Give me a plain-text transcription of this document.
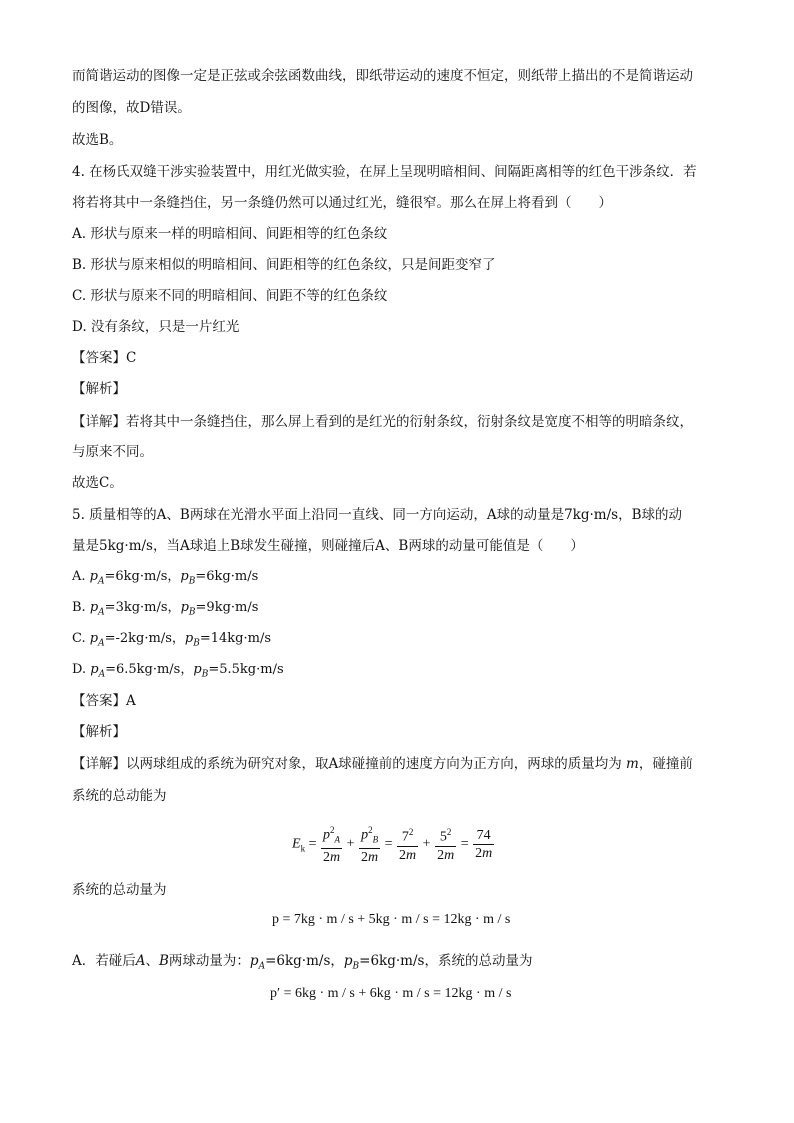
而简谐运动的图像一定是正弦或余弦函数曲线，即纸带运动的速度不恒定，则纸带上描出的不是简谐运动
的图像，故D错误。
故选B。
4. 在杨氏双缝干涉实验装置中，用红光做实验，在屏上呈现明暗相间、间隔距离相等的红色干涉条纹．若
将若将其中一条缝挡住，另一条缝仍然可以通过红光，缝很窄。那么在屏上将看到（　　）
A. 形状与原来一样的明暗相间、间距相等的红色条纹
B. 形状与原来相似的明暗相间、间距相等的红色条纹，只是间距变窄了
C. 形状与原来不同的明暗相间、间距不等的红色条纹
D. 没有条纹，只是一片红光
【答案】C
【解析】
【详解】若将其中一条缝挡住，那么屏上看到的是红光的衍射条纹，衍射条纹是宽度不相等的明暗条纹，
与原来不同。
故选C。
5. 质量相等的A、B两球在光滑水平面上沿同一直线、同一方向运动，A球的动量是7kg·m/s，B球的动
量是5kg·m/s，当A球追上B球发生碰撞，则碰撞后A、B两球的动量可能值是（　　）
A. $p_A=6kg\cdot m/s$，$p_B=6kg\cdot m/s$
B. $p_A=3kg\cdot m/s$，$p_B=9kg\cdot m/s$
C. $p_A=-2kg\cdot m/s$，$p_B=14kg\cdot m/s$
D. $p_A=6.5kg\cdot m/s$，$p_B=5.5kg\cdot m/s$
【答案】A
【解析】
【详解】以两球组成的系统为研究对象，取A球碰撞前的速度方向为正方向，两球的质量均为 m，碰撞前
系统的总动能为
$E_k = \frac{p^2_A}{2m} + \frac{p^2_B}{2m} = \frac{7^2}{2m} + \frac{5^2}{2m} = \frac{74}{2m}$
系统的总动量为
p = 7kg · m / s + 5kg · m / s = 12kg · m / s
A．若碰后A、B两球动量为：$p_A=6kg\cdot m/s$，$p_B=6kg\cdot m/s$，系统的总动量为
p′ = 6kg · m / s + 6kg · m / s = 12kg · m / s
